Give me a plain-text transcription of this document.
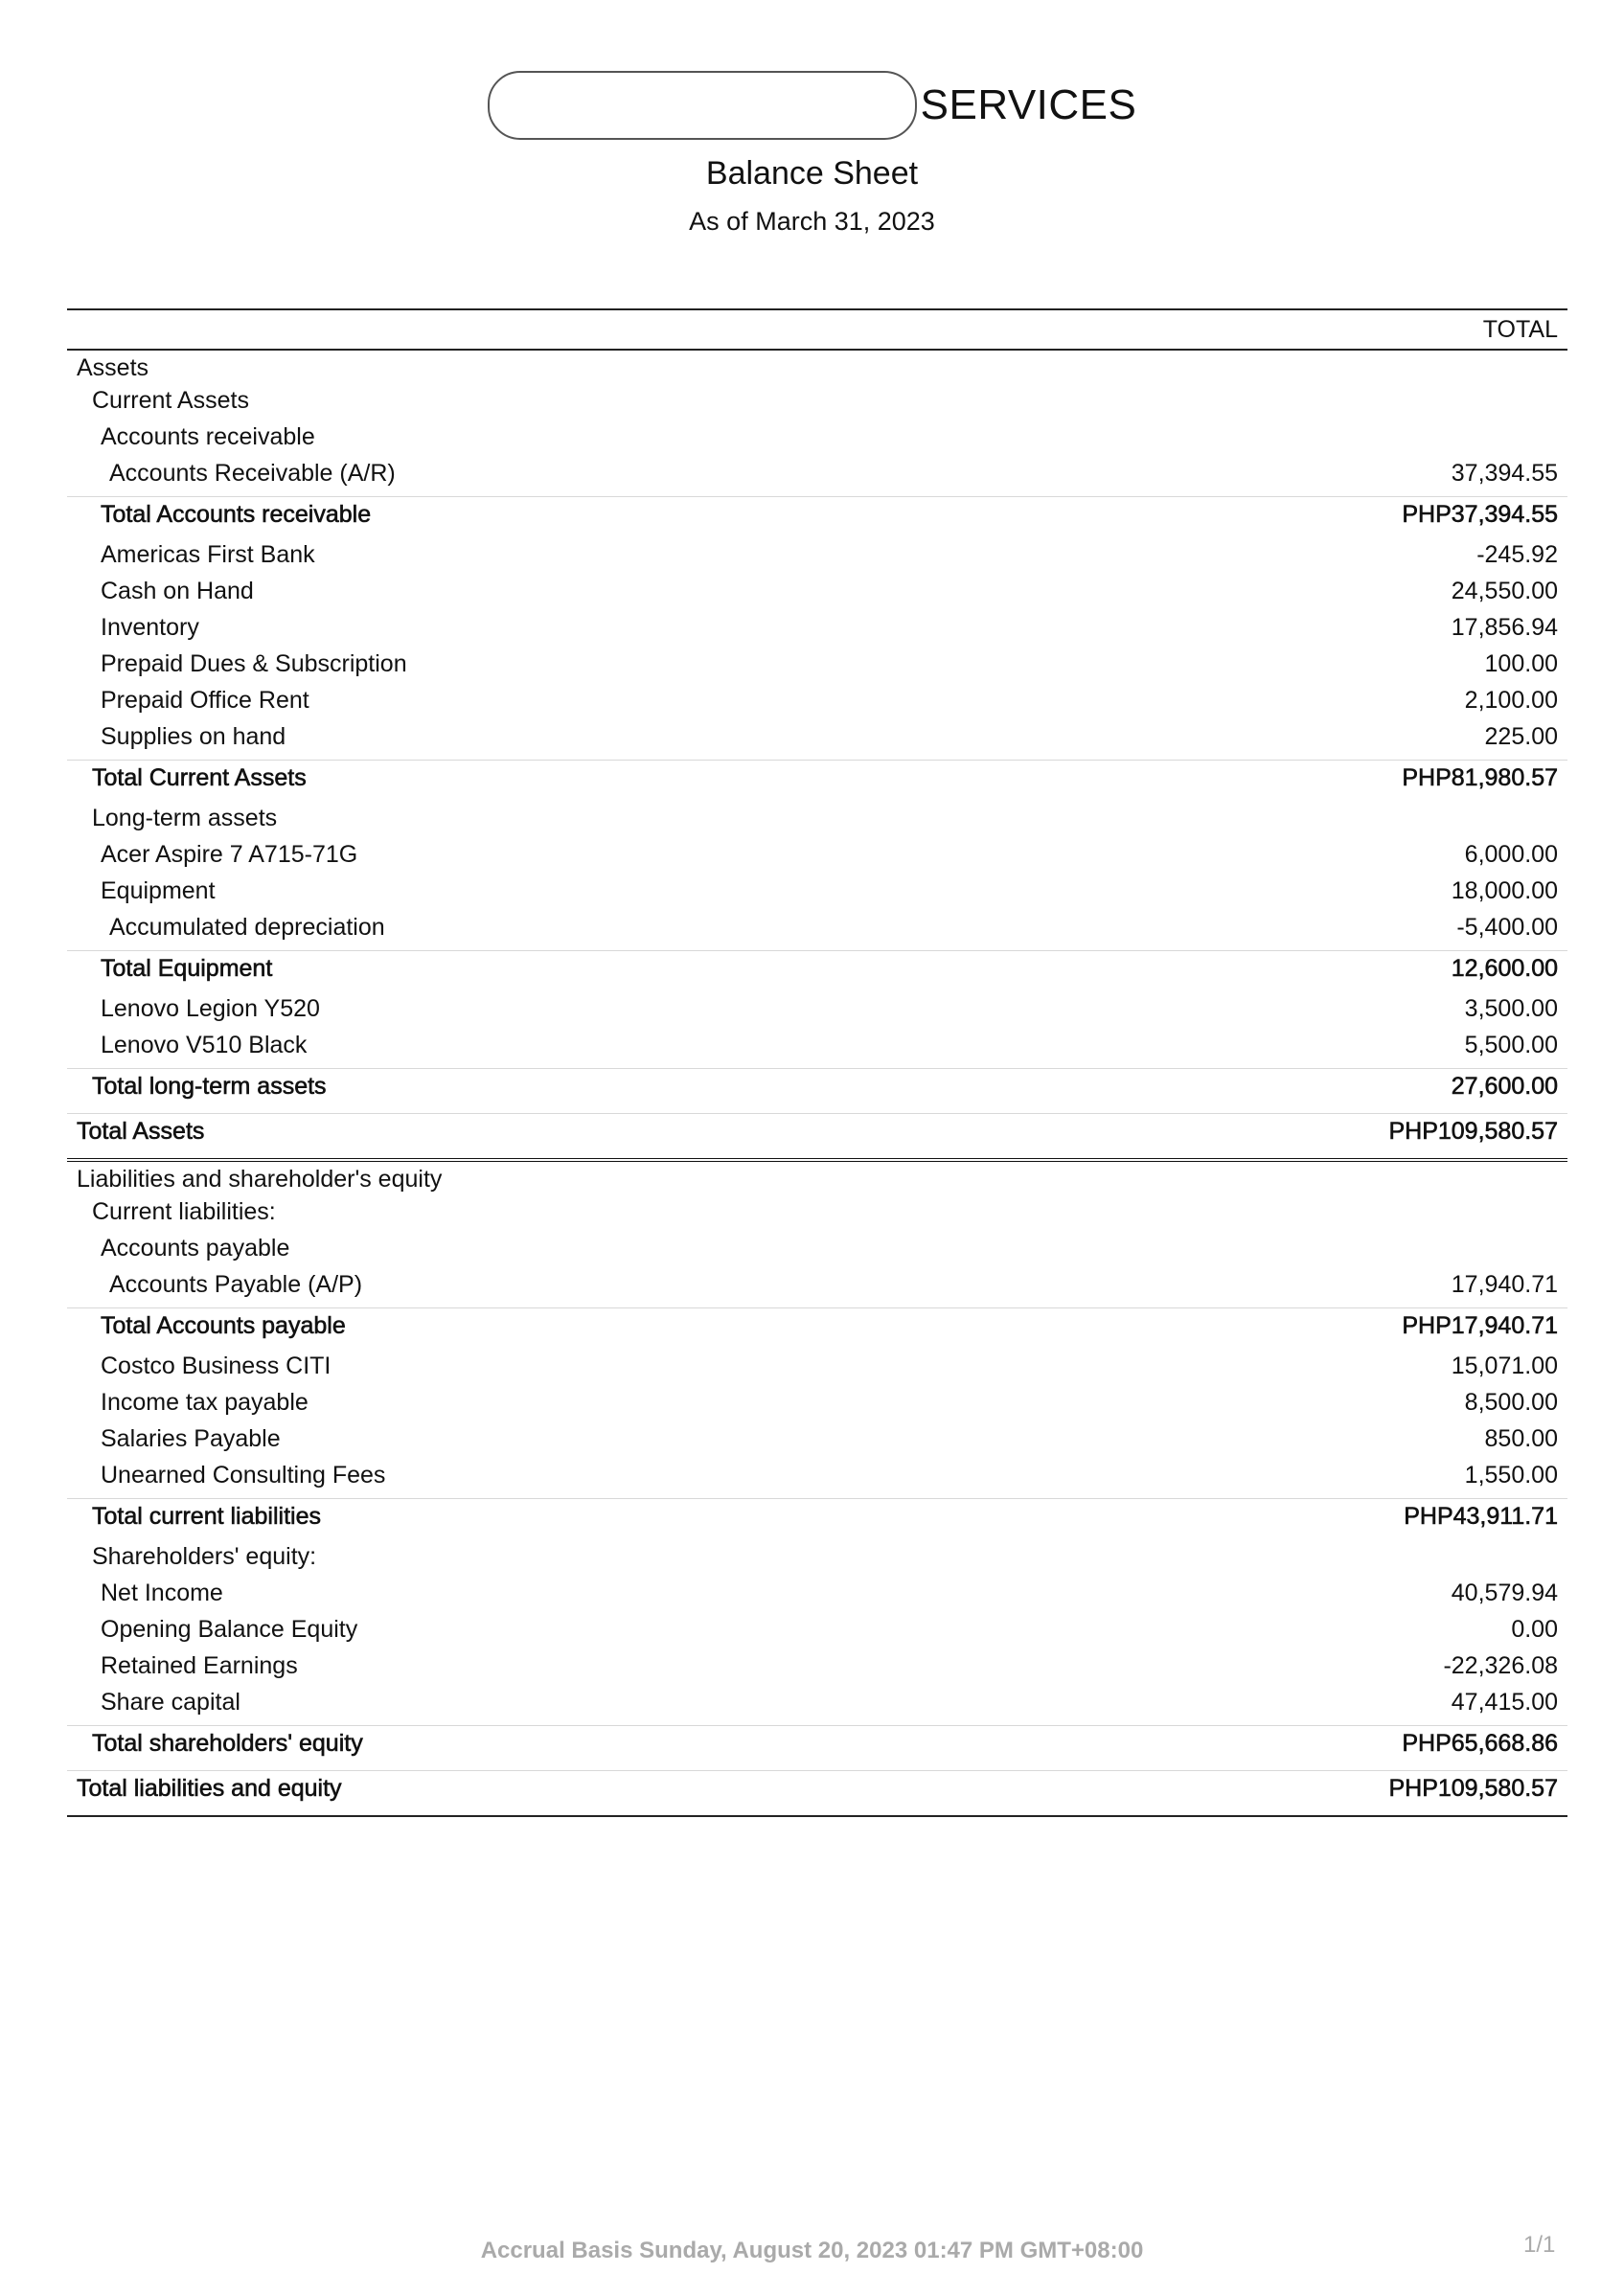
SERVICES
Balance Sheet
As of March 31, 2023
TOTAL
Assets
Current Assets
Accounts receivable
Accounts Receivable (A/R)	37,394.55
Total Accounts receivable	PHP37,394.55
Americas First Bank	-245.92
Cash on Hand	24,550.00
Inventory	17,856.94
Prepaid Dues & Subscription	100.00
Prepaid Office Rent	2,100.00
Supplies on hand	225.00
Total Current Assets	PHP81,980.57
Long-term assets
Acer Aspire 7 A715-71G	6,000.00
Equipment	18,000.00
Accumulated depreciation	-5,400.00
Total Equipment	12,600.00
Lenovo Legion Y520	3,500.00
Lenovo V510 Black	5,500.00
Total long-term assets	27,600.00
Total Assets	PHP109,580.57
Liabilities and shareholder's equity
Current liabilities:
Accounts payable
Accounts Payable (A/P)	17,940.71
Total Accounts payable	PHP17,940.71
Costco Business CITI	15,071.00
Income tax payable	8,500.00
Salaries Payable	850.00
Unearned Consulting Fees	1,550.00
Total current liabilities	PHP43,911.71
Shareholders' equity:
Net Income	40,579.94
Opening Balance Equity	0.00
Retained Earnings	-22,326.08
Share capital	47,415.00
Total shareholders' equity	PHP65,668.86
Total liabilities and equity	PHP109,580.57
Accrual Basis Sunday, August 20, 2023 01:47 PM GMT+08:00	1/1
